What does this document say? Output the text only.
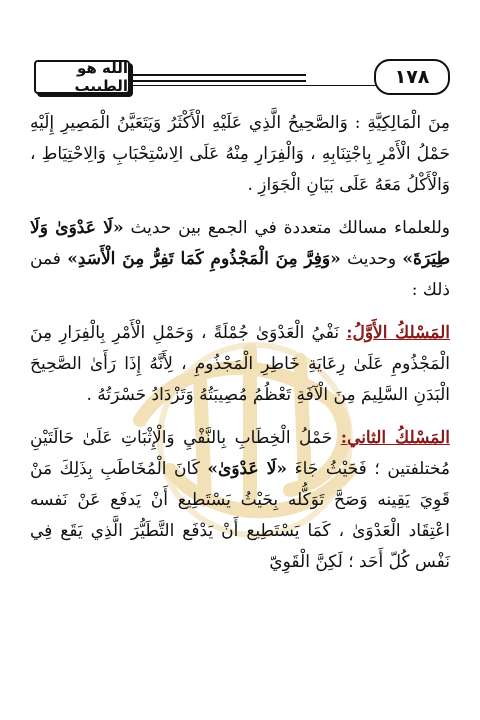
الله هو الطبيب	١٧٨

مِنَ الْمَالِكِيَّةِ : وَالصَّحِيحُ الَّذِي عَلَيْهِ الْأَكْثَرُ وَيَتَعَيَّنُ الْمَصِيرِ إِلَيْهِ حَمْلُ الْأَمْرِ بِاجْتِنَابِهِ ، وَالْفِرَارِ مِنْهُ عَلَى الِاسْتِحْبَابِ وَالِاحْتِيَاطِ ، وَالْأَكْلُ مَعَهُ عَلَى بَيَانِ الْجَوَازِ .

وللعلماء مسالك متعددة في الجمع بين حديث «لَا عَدْوَىٰ وَلَا طِيَرَةَ» وحديث «وَفِرَّ مِنَ الْمَجْذُومِ كَمَا تَفِرُّ مِنَ الْأَسَدِ» فمن ذلك :

المَسْلكُ الأَوَّلُ: نَفْيُ الْعَدْوَىٰ جُمْلَةً ، وَحَمْلِ الْأَمْرِ بِالْفِرَارِ مِنَ الْمَجْذُومِ عَلَىٰ رِعَايَةِ خَاطِرِ الْمَجْذُومِ ، لِأَنَّهُ إِذَا رَأَىٰ الصَّحِيحَ الْبَدَنِ السَّلِيمَ مِنَ الْآفَةِ تَعْظُمُ مُصِيبَتُهُ وَتَزْدَادُ حَسْرَتُهُ .

المَسْلكُ الثاني: حَمْلُ الْخِطَابِ بِالنَّفْيِ وَالْإِثْبَاتِ عَلَىٰ حَالَتَيْنِ مُختلفتين ؛ فَحَيْثُ جَاءَ «لَا عَدْوَىٰ» كَانَ الْمُخَاطَبِ بِذَلِكَ مَنْ قَوِيَ يَقِينه وَصَحَّ تَوَكُّله بِحَيْثُ يَسْتَطِيع أَنْ يَدفَع عَنْ نَفسه اعْتِقَاد الْعَدْوَىٰ ، كَمَا يَسْتَطِيع أَنْ يَدْفَع التَّطَيُّرَ الَّذِي يَقَع فِي نَفْس كُلّ أَحَد ؛ لَكِنَّ الْقَوِيّ
